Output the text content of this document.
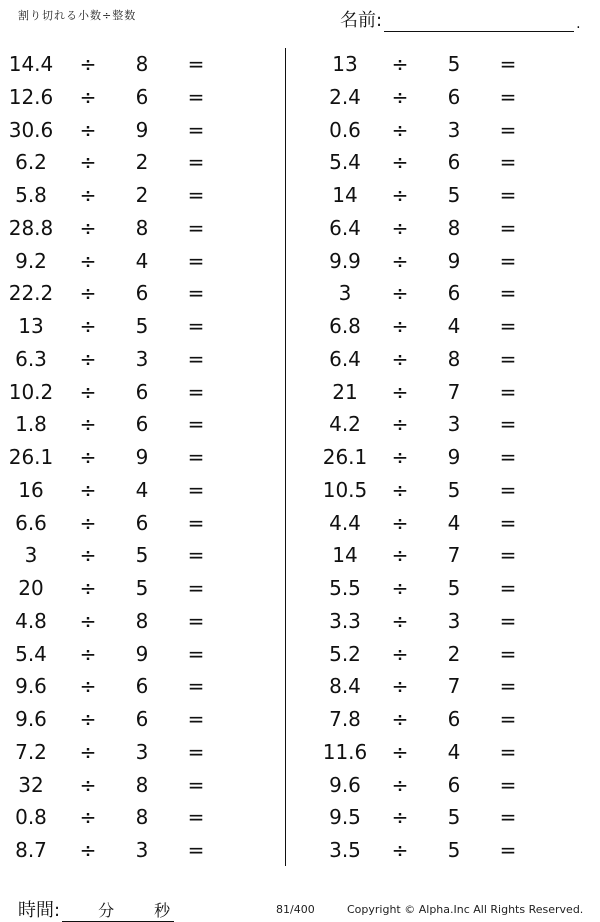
割り切れる小数÷整数	名前:	.
14.4	÷ 8 =
12.6	÷ 6 =
30.6	÷ 9 =
6.2	÷ 2 =
5.8	÷ 2 =
28.8	÷ 8 =
9.2	÷ 4 =
22.2	÷ 6 =
13	÷ 5 =
6.3	÷ 3 =
10.2	÷ 6 =
1.8	÷ 6 =
26.1	÷ 9 =
16	÷ 4 =
6.6	÷ 6 =
3	÷ 5 =
20	÷ 5 =
4.8	÷ 8 =
5.4	÷ 9 =
9.6	÷ 6 =
9.6	÷ 6 =
7.2	÷ 3 =
32	÷ 8 =
0.8	÷ 8 =
8.7	÷ 3 =
13	÷ 5 =
2.4	÷ 6 =
0.6	÷ 3 =
5.4	÷ 6 =
14	÷ 5 =
6.4	÷ 8 =
9.9	÷ 9 =
3	÷ 6 =
6.8	÷ 4 =
6.4	÷ 8 =
21	÷ 7 =
4.2	÷ 3 =
26.1	÷ 9 =
10.5	÷ 5 =
4.4	÷ 4 =
14	÷ 7 =
5.5	÷ 5 =
3.3	÷ 3 =
5.2	÷ 2 =
8.4	÷ 7 =
7.8	÷ 6 =
11.6	÷ 4 =
9.6	÷ 6 =
9.5	÷ 5 =
3.5	÷ 5 =
時間: 分 秒	81/400	Copyright © Alpha.Inc All Rights Reserved.
